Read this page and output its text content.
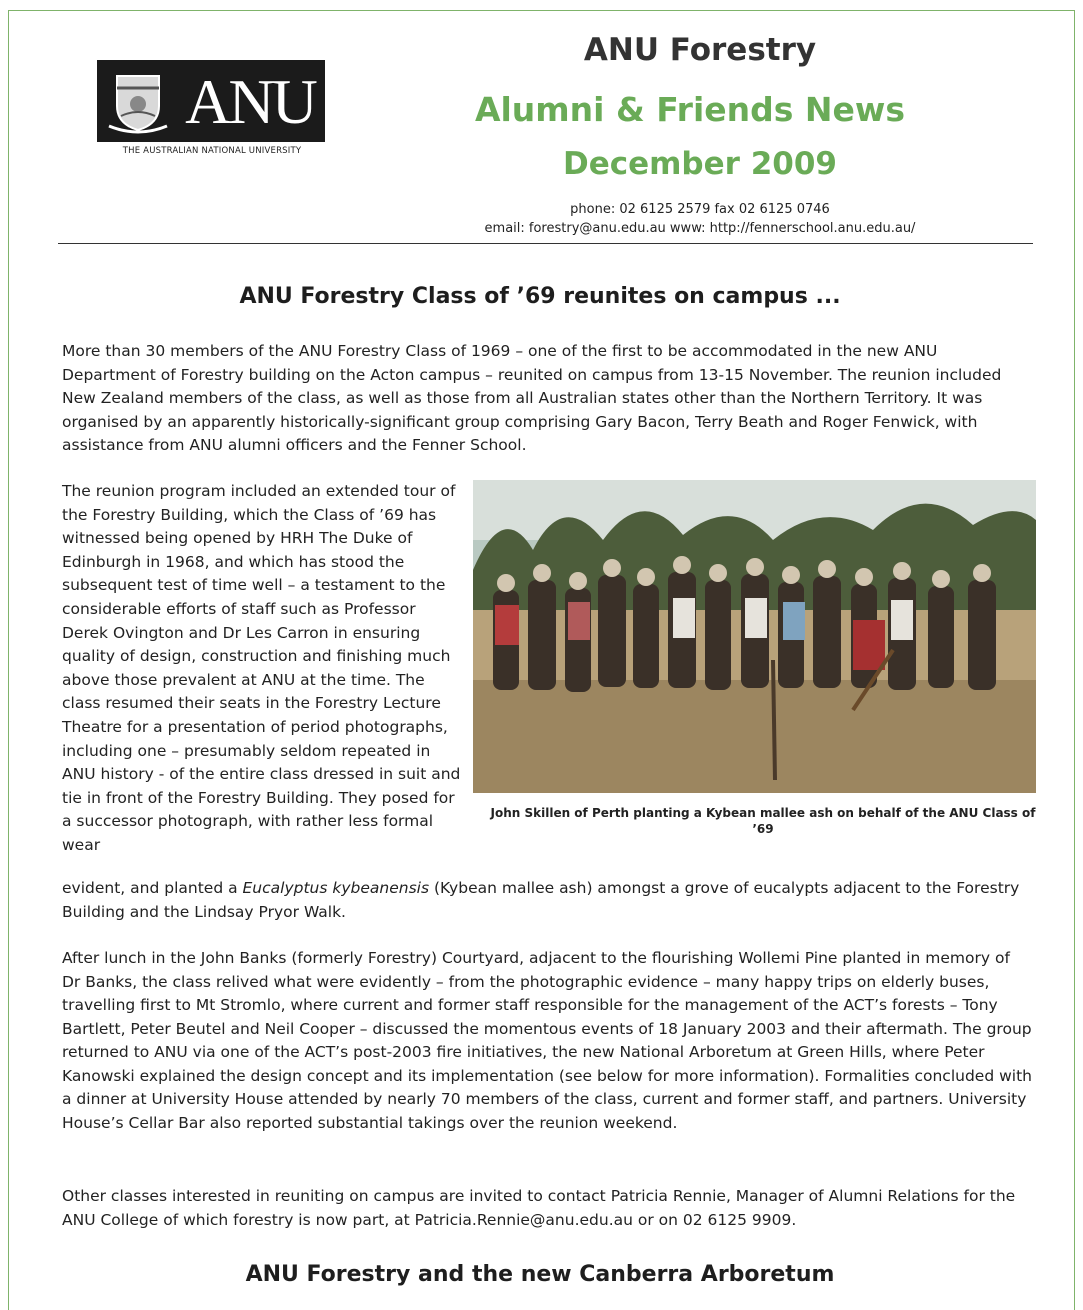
ANU
THE AUSTRALIAN NATIONAL UNIVERSITY
ANU Forestry
Alumni & Friends News
December 2009
phone: 02 6125 2579 fax 02 6125 0746
email: forestry@anu.edu.au www: http://fennerschool.anu.edu.au/
ANU Forestry Class of ’69 reunites on campus ...

More than 30 members of the ANU Forestry Class of 1969 – one of the first to be accommodated in the new ANU Department of Forestry building on the Acton campus – reunited on campus from 13-15 November. The reunion included New Zealand members of the class, as well as those from all Australian states other than the Northern Territory. It was organised by an apparently historically-significant group comprising Gary Bacon, Terry Beath and Roger Fenwick, with assistance from ANU alumni officers and the Fenner School.

The reunion program included an extended tour of the Forestry Building, which the Class of ’69 has witnessed being opened by HRH The Duke of Edinburgh in 1968, and which has stood the subsequent test of time well – a testament to the considerable efforts of staff such as Professor Derek Ovington and Dr Les Carron in ensuring quality of design, construction and finishing much above those prevalent at ANU at the time. The class resumed their seats in the Forestry Lecture Theatre for a presentation of period photographs, including one – presumably seldom repeated in ANU history - of the entire class dressed in suit and tie in front of the Forestry Building. They posed for a successor photograph, with rather less formal wear

John Skillen of Perth planting a Kybean mallee ash on behalf of the ANU Class of ’69

evident, and planted a Eucalyptus kybeanensis (Kybean mallee ash) amongst a grove of eucalypts adjacent to the Forestry Building and the Lindsay Pryor Walk.

After lunch in the John Banks (formerly Forestry) Courtyard, adjacent to the flourishing Wollemi Pine planted in memory of Dr Banks, the class relived what were evidently – from the photographic evidence – many happy trips on elderly buses, travelling first to Mt Stromlo, where current and former staff responsible for the management of the ACT’s forests – Tony Bartlett, Peter Beutel and Neil Cooper – discussed the momentous events of 18 January 2003 and their aftermath. The group returned to ANU via one of the ACT’s post-2003 fire initiatives, the new National Arboretum at Green Hills, where Peter Kanowski explained the design concept and its implementation (see below for more information). Formalities concluded with a dinner at University House attended by nearly 70 members of the class, current and former staff, and partners. University House’s Cellar Bar also reported substantial takings over the reunion weekend.

Other classes interested in reuniting on campus are invited to contact Patricia Rennie, Manager of Alumni Relations for the ANU College of which forestry is now part, at Patricia.Rennie@anu.edu.au or on 02 6125 9909.

ANU Forestry and the new Canberra Arboretum
